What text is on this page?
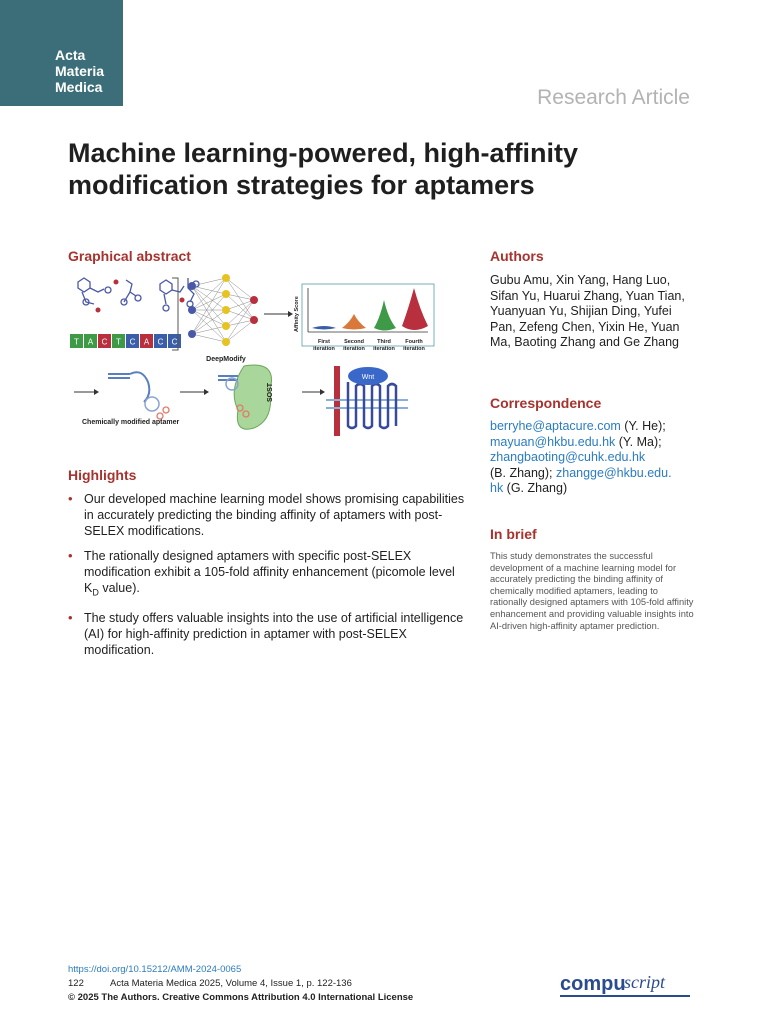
Acta
Materia
Medica	Research Article
Machine learning-powered, high-affinity modification strategies for aptamers
Graphical abstract
T A C T C A C C
DeepModify
Affinity Score
First
iteration
Second
iteration
Third
iteration
Fourth
iteration
Chemically modified aptamer
SOST
Wnt
Highlights
• Our developed machine learning model shows promising capabilities in accurately predicting the binding affinity of aptamers with post-SELEX modifications.
• The rationally designed aptamers with specific post-SELEX modification exhibit a 105-fold affinity enhancement (picomole level $K_D$ value).
• The study offers valuable insights into the use of artificial intelligence (AI) for high-affinity prediction in aptamer with post-SELEX modification.
Authors
Gubu Amu, Xin Yang, Hang Luo, Sifan Yu, Huarui Zhang, Yuan Tian, Yuanyuan Yu, Shijian Ding, Yufei Pan, Zefeng Chen, Yixin He, Yuan Ma, Baoting Zhang and Ge Zhang
Correspondence
berryhe@aptacure.com (Y. He);
mayuan@hkbu.edu.hk (Y. Ma);
zhangbaoting@cuhk.edu.hk
(B. Zhang); zhangge@hkbu.edu.
hk (G. Zhang)
In brief
This study demonstrates the successful development of a machine learning model for accurately predicting the binding affinity of chemically modified aptamers, leading to rationally designed aptamers with 105-fold affinity enhancement and providing valuable insights into AI-driven high-affinity aptamer prediction.
https://doi.org/10.15212/AMM-2024-0065
122	Acta Materia Medica 2025, Volume 4, Issue 1, p. 122-136
© 2025 The Authors. Creative Commons Attribution 4.0 International License
compu
script
